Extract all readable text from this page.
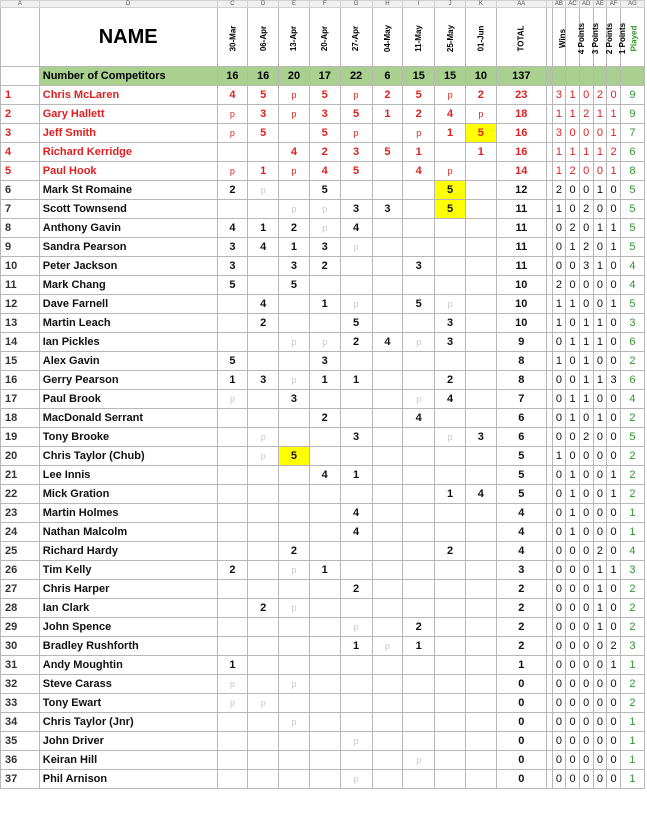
A	D	C	D	E	F	G	H	I	J	K	AA		AB	AC	AD	AE	AF	AG
	NAME	30-Mar	06-Apr	13-Apr	20-Apr	27-Apr	04-May	11-May	25-May	01-Jun	TOTAL		Wins	4 Points	3 Points	2 Points	1 Points	Played
	Number of Competitors	16	16	20	17	22	6	15	15	10	137							
1	Chris McLaren	4	5	p	5	p	2	5	p	2	23		3	1	0	2	0	9
2	Gary Hallett	p	3	p	3	5	1	2	4	p	18		1	1	2	1	1	9
3	Jeff Smith	p	5		5	p		p	1	5	16		3	0	0	0	1	7
4	Richard Kerridge			4	2	3	5	1		1	16		1	1	1	1	2	6
5	Paul Hook	p	1	p	4	5		4	p		14		1	2	0	0	1	8
6	Mark St Romaine	2	p		5				5		12		2	0	0	1	0	5
7	Scott Townsend			p	p	3	3		5		11		1	0	2	0	0	5
8	Anthony Gavin	4	1	2	p	4					11		0	2	0	1	1	5
9	Sandra Pearson	3	4	1	3	p					11		0	1	2	0	1	5
10	Peter Jackson	3		3	2			3			11		0	0	3	1	0	4
11	Mark Chang	5		5							10		2	0	0	0	0	4
12	Dave Farnell		4		1	p		5	p		10		1	1	0	0	1	5
13	Martin Leach		2			5			3		10		1	0	1	1	0	3
14	Ian Pickles			p	p	2	4	p	3		9		0	1	1	1	0	6
15	Alex Gavin	5			3						8		1	0	1	0	0	2
16	Gerry Pearson	1	3	p	1	1			2		8		0	0	1	1	3	6
17	Paul Brook	p		3				p	4		7		0	1	1	0	0	4
18	MacDonald Serrant				2			4			6		0	1	0	1	0	2
19	Tony Brooke		p			3			p	3	6		0	0	2	0	0	5
20	Chris Taylor (Chub)		p	5							5		1	0	0	0	0	2
21	Lee Innis				4	1					5		0	1	0	0	1	2
22	Mick Gration								1	4	5		0	1	0	0	1	2
23	Martin Holmes					4					4		0	1	0	0	0	1
24	Nathan Malcolm					4					4		0	1	0	0	0	1
25	Richard Hardy			2					2		4		0	0	0	2	0	4
26	Tim Kelly	2		p	1						3		0	0	0	1	1	3
27	Chris Harper					2					2		0	0	0	1	0	2
28	Ian Clark		2	p							2		0	0	0	1	0	2
29	John Spence					p		2			2		0	0	0	1	0	2
30	Bradley Rushforth					1	p	1			2		0	0	0	0	2	3
31	Andy Moughtin	1									1		0	0	0	0	1	1
32	Steve Carass	p		p							0		0	0	0	0	0	2
33	Tony Ewart	p	p								0		0	0	0	0	0	2
34	Chris Taylor (Jnr)			p							0		0	0	0	0	0	1
35	John Driver					p					0		0	0	0	0	0	1
36	Keiran Hill							p			0		0	0	0	0	0	1
37	Phil Arnison					p					0		0	0	0	0	0	1
